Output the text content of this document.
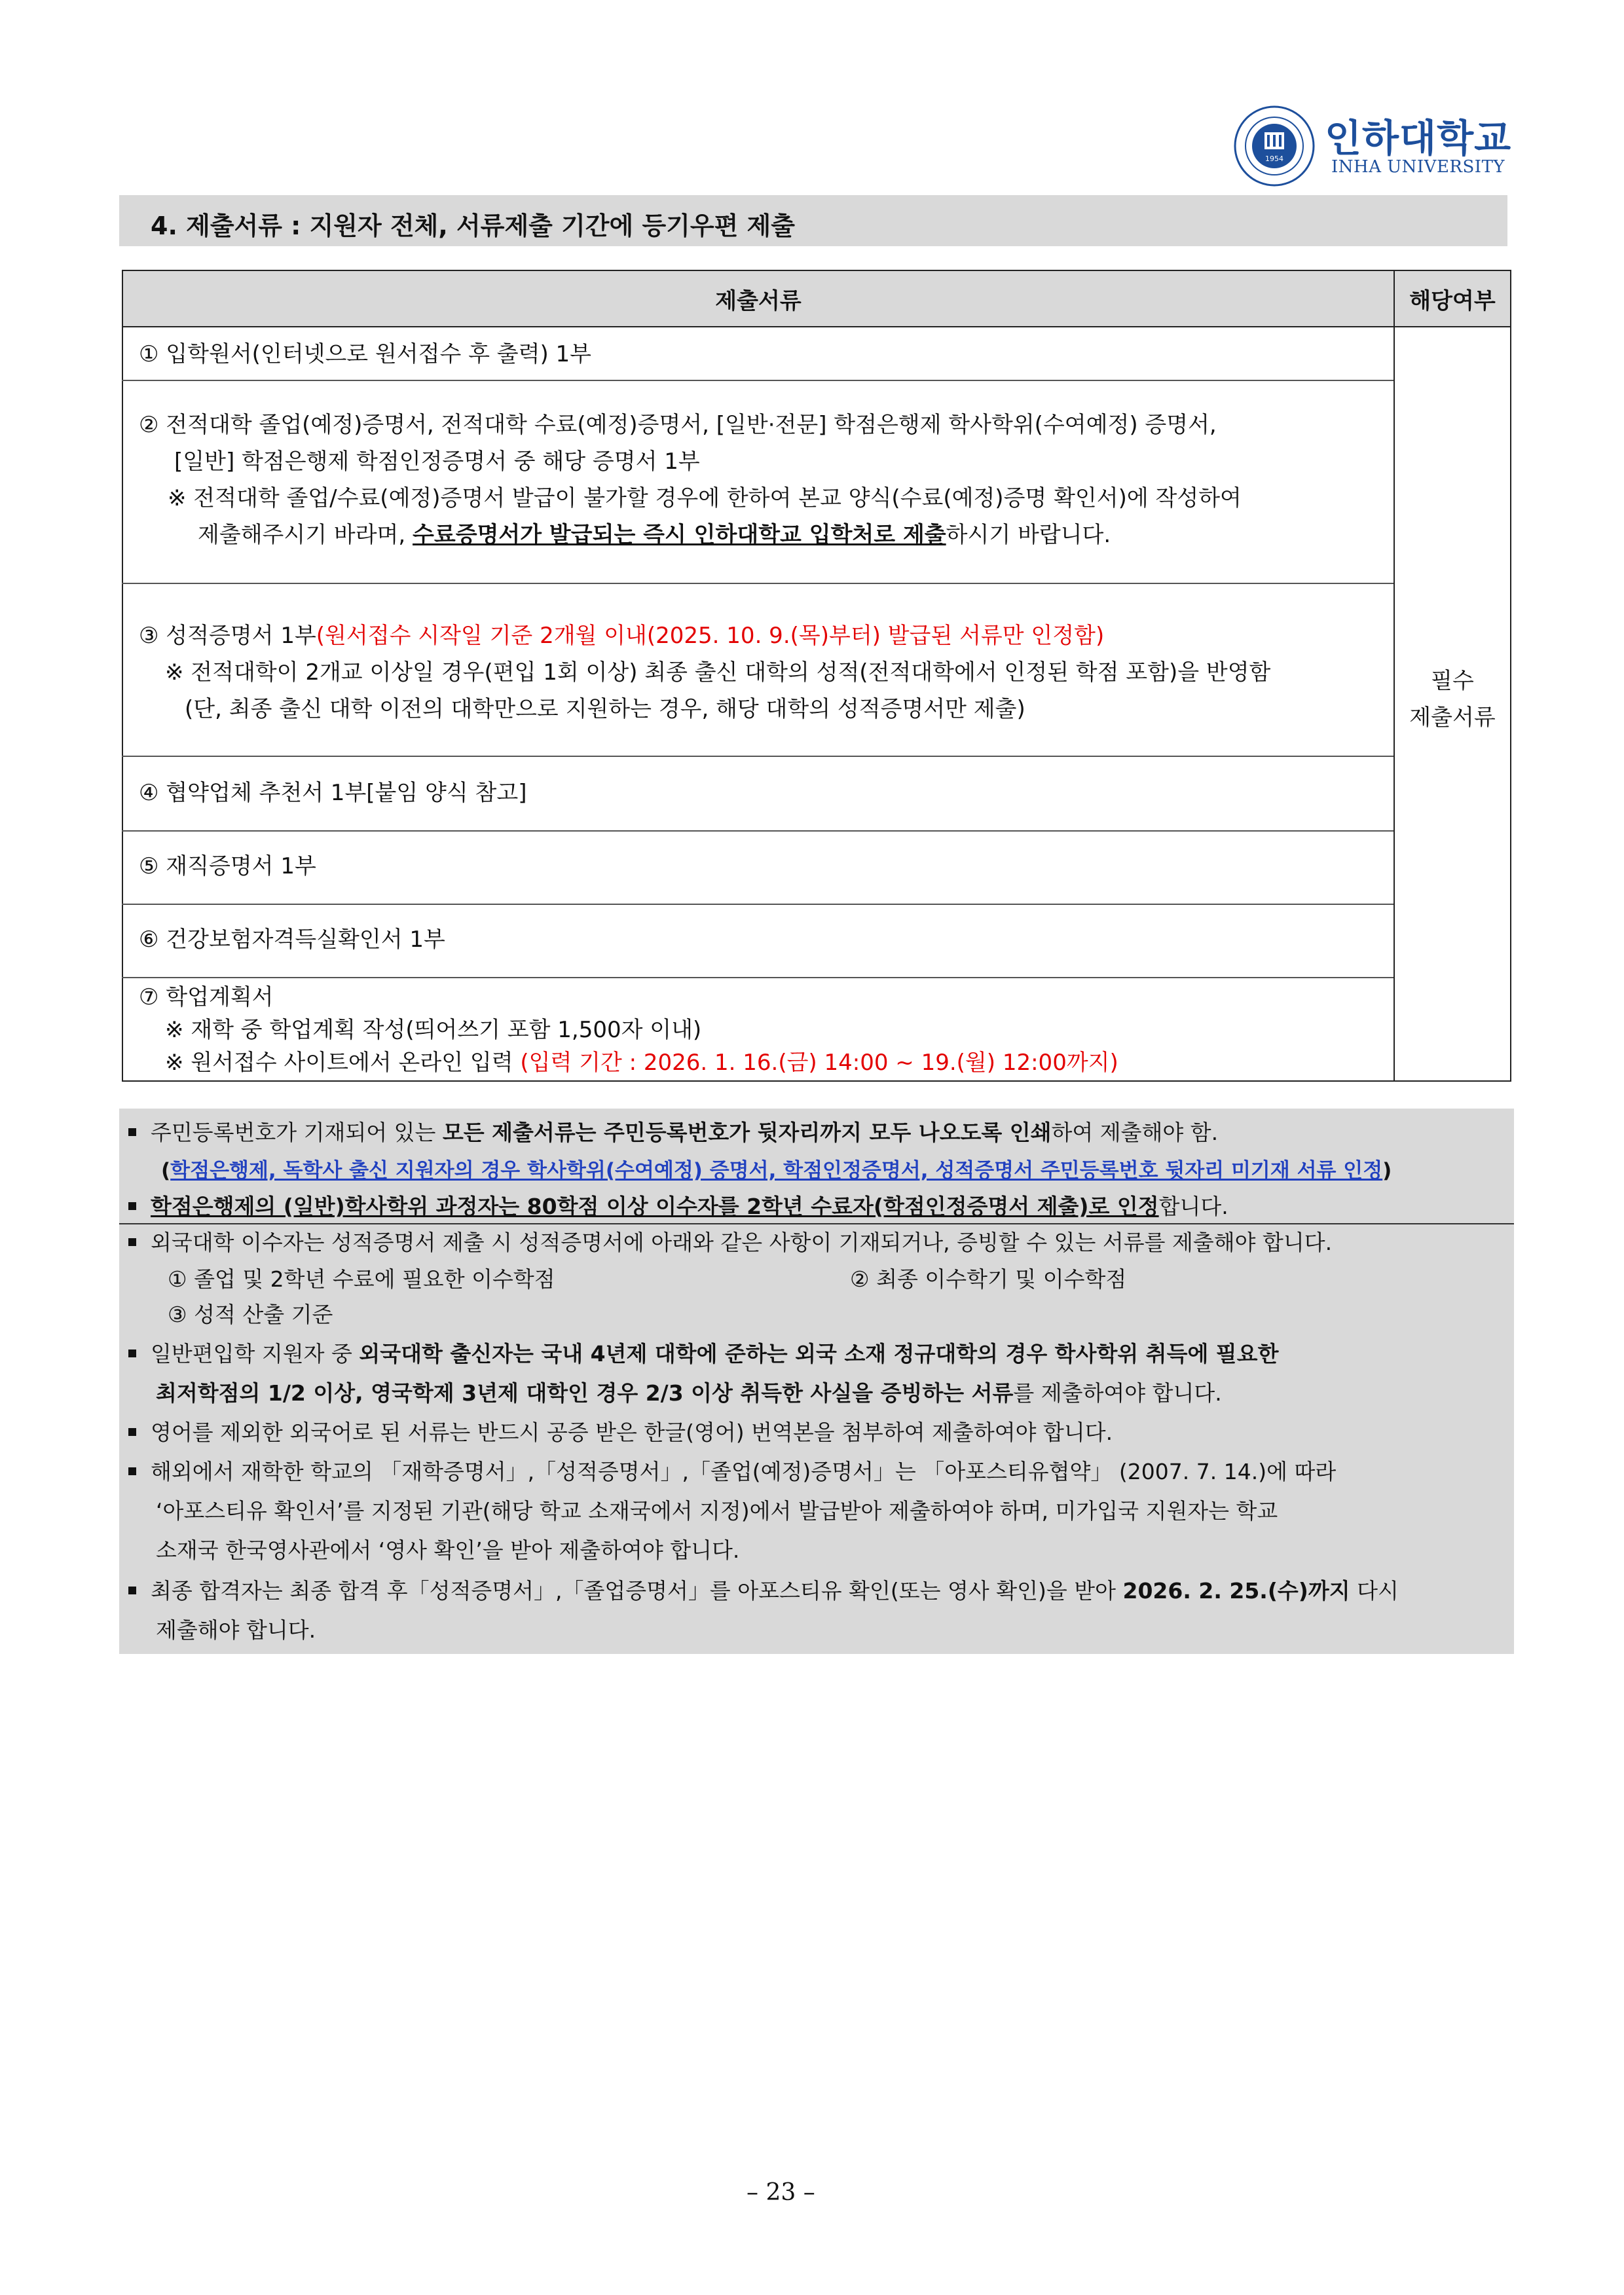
1954 인하대학교
INHA UNIVERSITY
4. 제출서류 : 지원자 전체, 서류제출 기간에 등기우편 제출
제출서류	해당여부
① 입학원서(인터넷으로 원서접수 후 출력) 1부
② 전적대학 졸업(예정)증명서, 전적대학 수료(예정)증명서, [일반·전문] 학점은행제 학사학위(수여예정) 증명서,
[일반] 학점은행제 학점인정증명서 중 해당 증명서 1부
※ 전적대학 졸업/수료(예정)증명서 발급이 불가할 경우에 한하여 본교 양식(수료(예정)증명 확인서)에 작성하여
제출해주시기 바라며, 수료증명서가 발급되는 즉시 인하대학교 입학처로 제출하시기 바랍니다.
③ 성적증명서 1부(원서접수 시작일 기준 2개월 이내(2025. 10. 9.(목)부터) 발급된 서류만 인정함)
※ 전적대학이 2개교 이상일 경우(편입 1회 이상) 최종 출신 대학의 성적(전적대학에서 인정된 학점 포함)을 반영함
(단, 최종 출신 대학 이전의 대학만으로 지원하는 경우, 해당 대학의 성적증명서만 제출)
④ 협약업체 추천서 1부[붙임 양식 참고]
⑤ 재직증명서 1부
⑥ 건강보험자격득실확인서 1부
⑦ 학업계획서
※ 재학 중 학업계획 작성(띄어쓰기 포함 1,500자 이내)
※ 원서접수 사이트에서 온라인 입력 (입력 기간 : 2026. 1. 16.(금) 14:00 ~ 19.(월) 12:00까지)
필수
제출서류
주민등록번호가 기재되어 있는 모든 제출서류는 주민등록번호가 뒷자리까지 모두 나오도록 인쇄하여 제출해야 함.
(학점은행제, 독학사 출신 지원자의 경우 학사학위(수여예정) 증명서, 학점인정증명서, 성적증명서 주민등록번호 뒷자리 미기재 서류 인정)
학점은행제의 (일반)학사학위 과정자는 80학점 이상 이수자를 2학년 수료자(학점인정증명서 제출)로 인정합니다.
외국대학 이수자는 성적증명서 제출 시 성적증명서에 아래와 같은 사항이 기재되거나, 증빙할 수 있는 서류를 제출해야 합니다.
① 졸업 및 2학년 수료에 필요한 이수학점	② 최종 이수학기 및 이수학점
③ 성적 산출 기준
일반편입학 지원자 중 외국대학 출신자는 국내 4년제 대학에 준하는 외국 소재 정규대학의 경우 학사학위 취득에 필요한
최저학점의 1/2 이상, 영국학제 3년제 대학인 경우 2/3 이상 취득한 사실을 증빙하는 서류를 제출하여야 합니다.
영어를 제외한 외국어로 된 서류는 반드시 공증 받은 한글(영어) 번역본을 첨부하여 제출하여야 합니다.
해외에서 재학한 학교의 「재학증명서」,「성적증명서」,「졸업(예정)증명서」는 「아포스티유협약」 (2007. 7. 14.)에 따라
‘아포스티유 확인서’를 지정된 기관(해당 학교 소재국에서 지정)에서 발급받아 제출하여야 하며, 미가입국 지원자는 학교
소재국 한국영사관에서 ‘영사 확인’을 받아 제출하여야 합니다.
최종 합격자는 최종 합격 후「성적증명서」,「졸업증명서」를 아포스티유 확인(또는 영사 확인)을 받아 2026. 2. 25.(수)까지 다시
제출해야 합니다.
– 23 –
